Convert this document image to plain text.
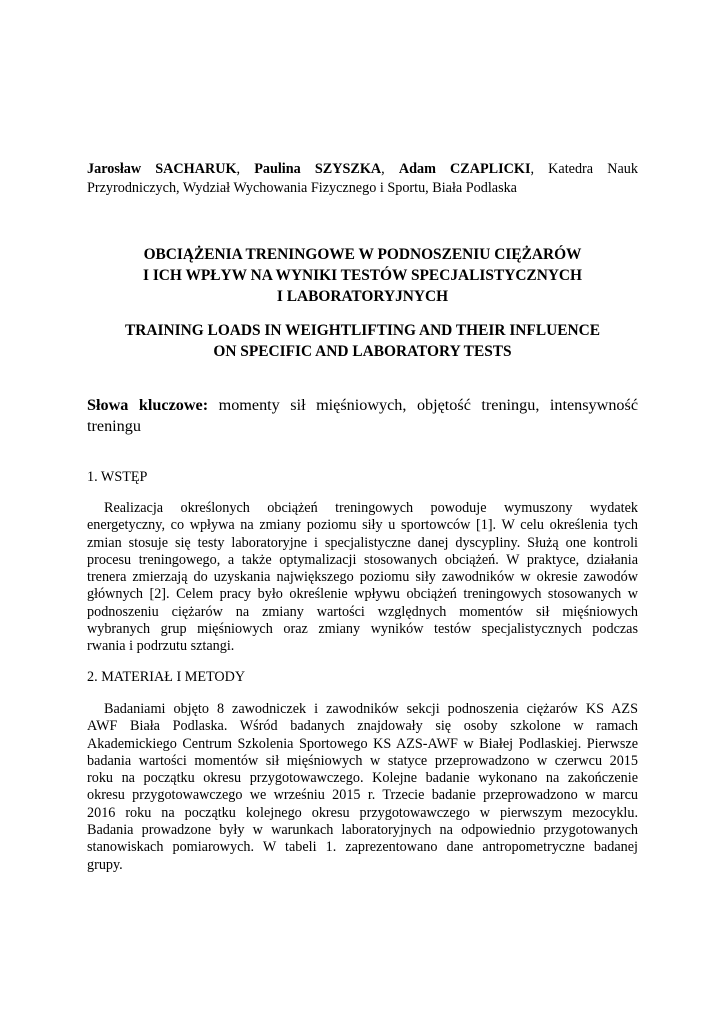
Jarosław SACHARUK, Paulina SZYSZKA, Adam CZAPLICKI, Katedra Nauk
Przyrodniczych, Wydział Wychowania Fizycznego i Sportu, Biała Podlaska
OBCIĄŻENIA TRENINGOWE W PODNOSZENIU CIĘŻARÓW
I ICH WPŁYW NA WYNIKI TESTÓW SPECJALISTYCZNYCH
I LABORATORYJNYCH
TRAINING LOADS IN WEIGHTLIFTING AND THEIR INFLUENCE
ON SPECIFIC AND LABORATORY TESTS
Słowa kluczowe: momenty sił mięśniowych, objętość treningu, intensywność
treningu
1. WSTĘP
Realizacja określonych obciążeń treningowych powoduje wymuszony wydatek
energetyczny, co wpływa na zmiany poziomu siły u sportowców [1]. W celu określenia tych
zmian stosuje się testy laboratoryjne i specjalistyczne danej dyscypliny. Służą one kontroli
procesu treningowego, a także optymalizacji stosowanych obciążeń. W praktyce, działania
trenera zmierzają do uzyskania największego poziomu siły zawodników w okresie zawodów
głównych [2]. Celem pracy było określenie wpływu obciążeń treningowych stosowanych w
podnoszeniu ciężarów na zmiany wartości względnych momentów sił mięśniowych
wybranych grup mięśniowych oraz zmiany wyników testów specjalistycznych podczas
rwania i podrzutu sztangi.
2. MATERIAŁ I METODY
Badaniami objęto 8 zawodniczek i zawodników sekcji podnoszenia ciężarów KS AZS
AWF Biała Podlaska. Wśród badanych znajdowały się osoby szkolone w ramach
Akademickiego Centrum Szkolenia Sportowego KS AZS-AWF w Białej Podlaskiej. Pierwsze
badania wartości momentów sił mięśniowych w statyce przeprowadzono w czerwcu 2015
roku na początku okresu przygotowawczego. Kolejne badanie wykonano na zakończenie
okresu przygotowawczego we wrześniu 2015 r. Trzecie badanie przeprowadzono w marcu
2016 roku na początku kolejnego okresu przygotowawczego w pierwszym mezocyklu.
Badania prowadzone były w warunkach laboratoryjnych na odpowiednio przygotowanych
stanowiskach pomiarowych. W tabeli 1. zaprezentowano dane antropometryczne badanej
grupy.
